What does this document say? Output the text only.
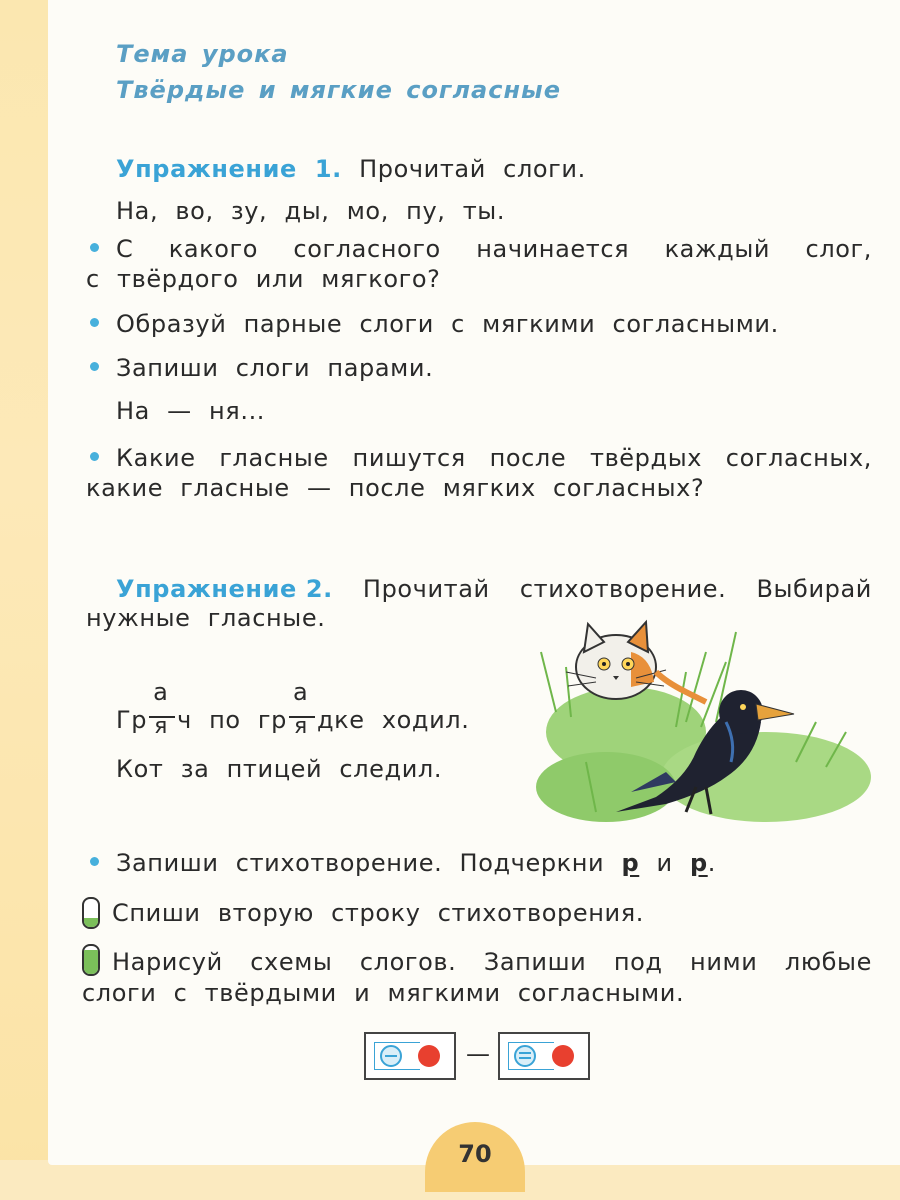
Тема урока
Твёрдые и мягкие согласные
Упражнение 1. Прочитай слоги.
На, во, зу, ды, мо, пу, ты.
С какого согласного начинается каждый слог,
с твёрдого или мягкого?
Образуй парные слоги с мягкими согласными.
Запиши слоги парами.
На — ня...
Какие гласные пишутся после твёрдых согласных,
какие гласные — после мягких согласных?
Упражнение 2. Прочитай стихотворение. Выбирай
нужные гласные.
Гр $\frac{а}{я}$ ч по гр $\frac{а}{я}$ дке ходил.
Кот за птицей следил.
Запиши стихотворение. Подчеркни р и р.
Спиши вторую строку стихотворения.
Нарисуй схемы слогов. Запиши под ними любые
слоги с твёрдыми и мягкими согласными.
—
70
